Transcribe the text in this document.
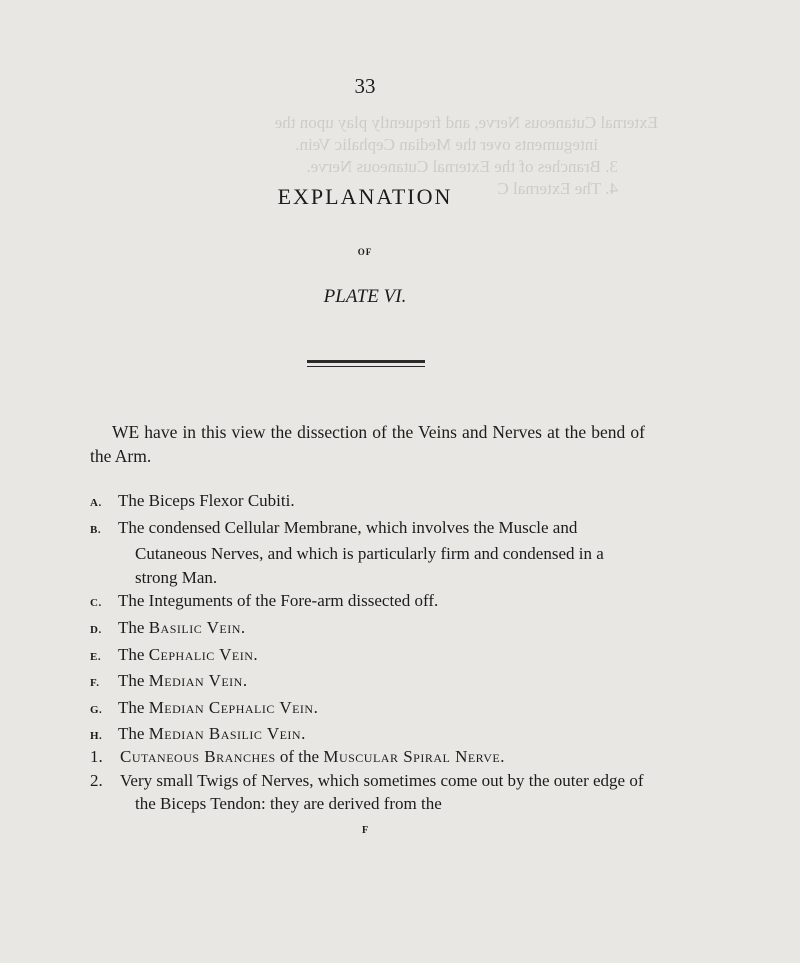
External Cutaneous Nerve, and frequently play upon the
integuments over the Median Cephalic Vein.
3. Branches of the External Cutaneous Nerve.
4. The External C
33
EXPLANATION
OF
PLATE VI.
WE have in this view the dissection of the Veins and Nerves at the bend of the Arm.
A. The Biceps Flexor Cubiti.
B. The condensed Cellular Membrane, which involves the Muscle and Cutaneous Nerves, and which is particularly firm and condensed in a strong Man.
C. The Integuments of the Fore-arm dissected off.
D. The Basilic Vein.
E. The Cephalic Vein.
F. The Median Vein.
G. The Median Cephalic Vein.
H. The Median Basilic Vein.
1. Cutaneous Branches of the Muscular Spiral Nerve.
2. Very small Twigs of Nerves, which sometimes come out by the outer edge of the Biceps Tendon: they are derived from the
F
